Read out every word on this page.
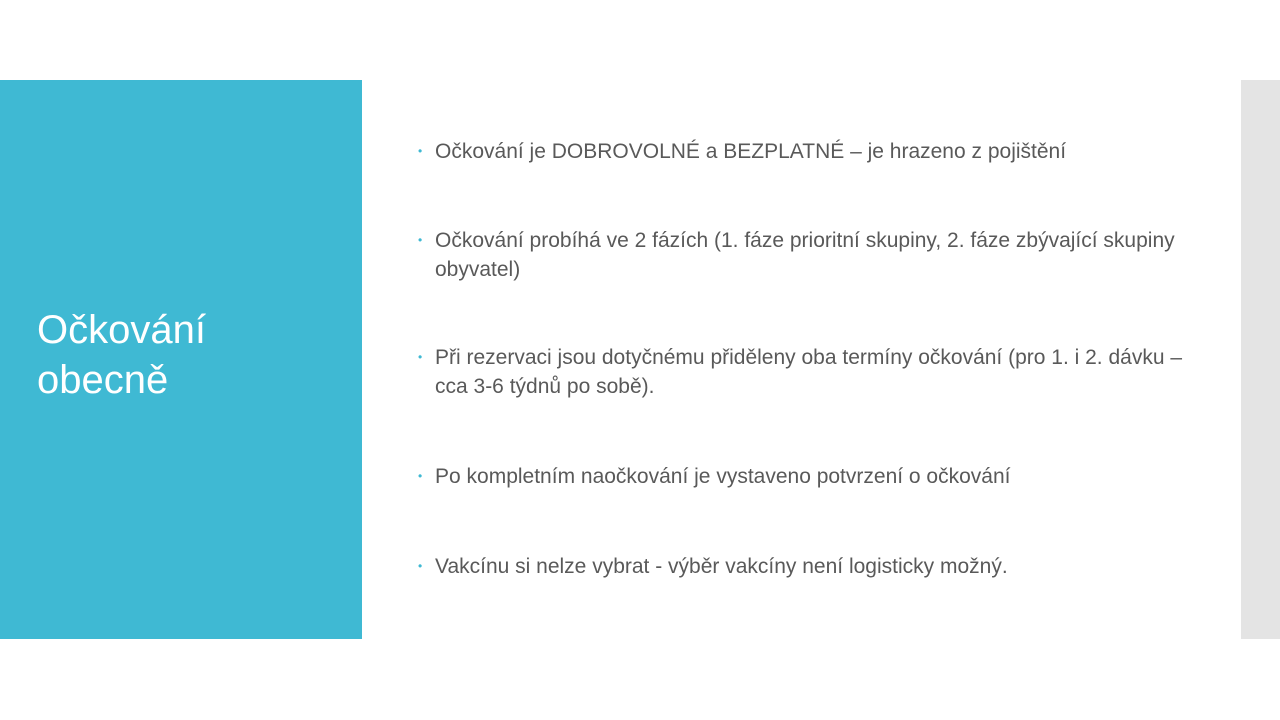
Očkování
obecně
• Očkování je DOBROVOLNÉ a BEZPLATNÉ – je hrazeno z pojištění
• Očkování probíhá ve 2 fázích (1. fáze prioritní skupiny, 2. fáze zbývající skupiny obyvatel)
• Při rezervaci jsou dotyčnému přiděleny oba termíny očkování (pro 1. i 2. dávku – cca 3-6 týdnů po sobě).
• Po kompletním naočkování je vystaveno potvrzení o očkování
• Vakcínu si nelze vybrat - výběr vakcíny není logisticky možný.
